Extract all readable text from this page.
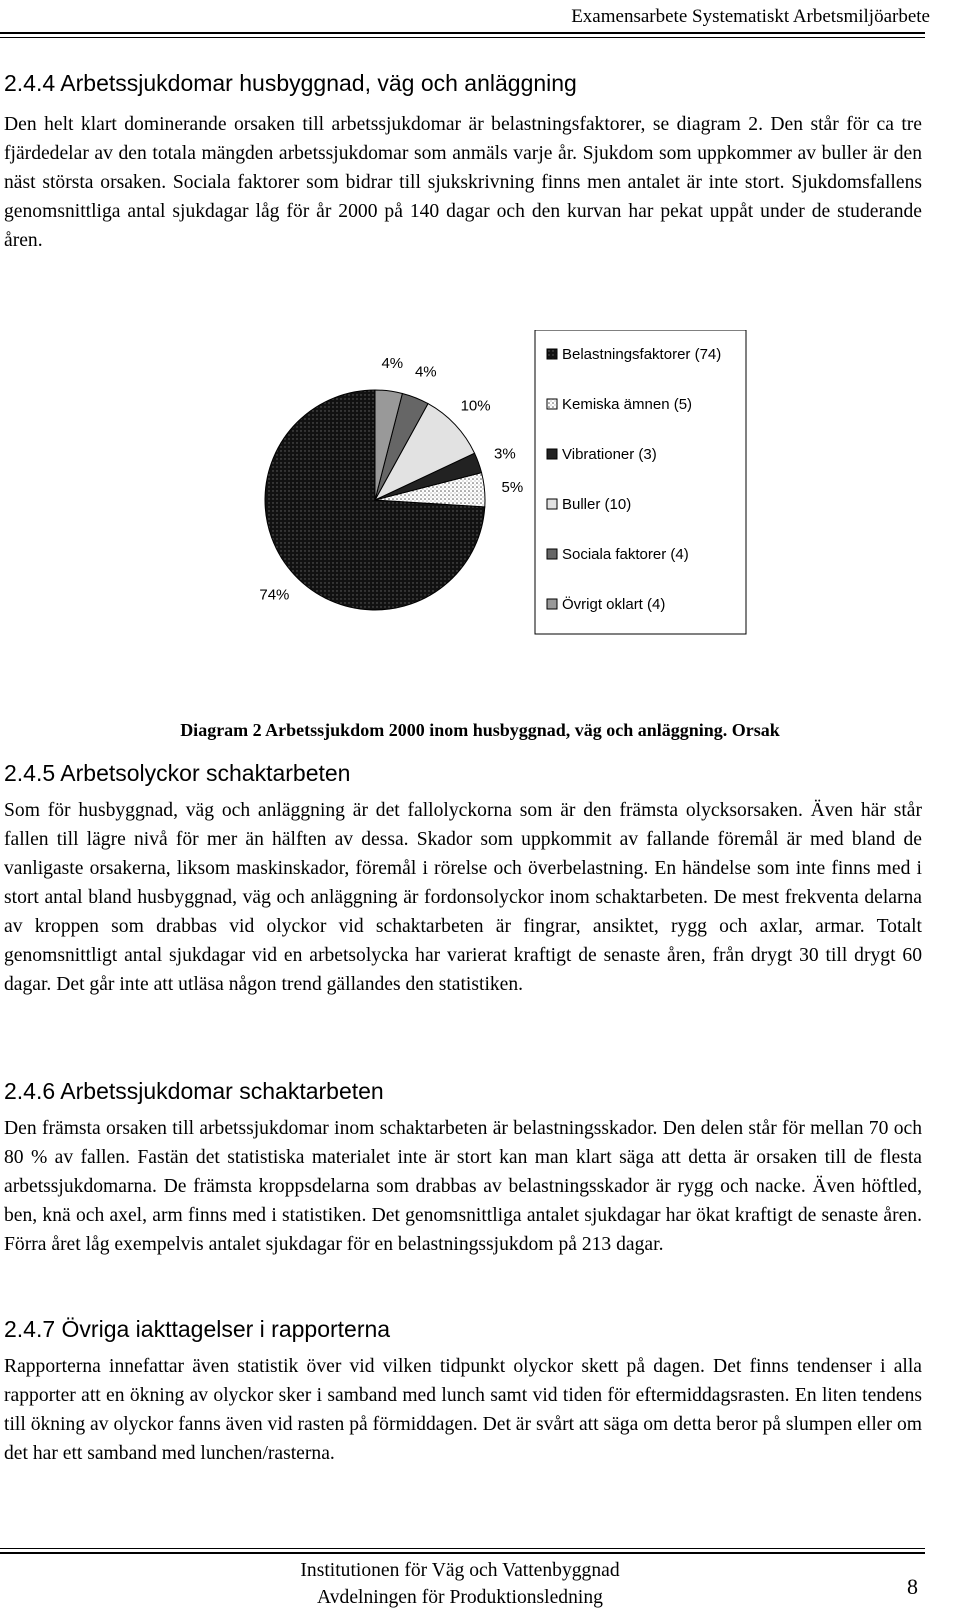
Examensarbete Systematiskt Arbetsmiljöarbete
2.4.4 Arbetssjukdomar husbyggnad, väg och anläggning

Den helt klart dominerande orsaken till arbetssjukdomar är belastningsfaktorer, se diagram 2. Den står för ca tre fjärdedelar av den totala mängden arbetssjukdomar som anmäls varje år. Sjukdom som uppkommer av buller är den näst största orsaken. Sociala faktorer som bidrar till sjukskrivning finns men antalet är inte stort. Sjukdomsfallens genomsnittliga antal sjukdagar låg för år 2000 på 140 dagar och den kurvan har pekat uppåt under de studerande åren.

74%
5%
3%
10%
4%
4%
Belastningsfaktorer (74)
Kemiska ämnen (5)
Vibrationer (3)
Buller (10)
Sociala faktorer (4)
Övrigt oklart (4)
Diagram 2 Arbetssjukdom 2000 inom husbyggnad, väg och anläggning. Orsak
2.4.5 Arbetsolyckor schaktarbeten

Som för husbyggnad, väg och anläggning är det fallolyckorna som är den främsta olycksorsaken. Även här står fallen till lägre nivå för mer än hälften av dessa. Skador som uppkommit av fallande föremål är med bland de vanligaste orsakerna, liksom maskinskador, föremål i rörelse och överbelastning. En händelse som inte finns med i stort antal bland husbyggnad, väg och anläggning är fordonsolyckor inom schaktarbeten. De mest frekventa delarna av kroppen som drabbas vid olyckor vid schaktarbeten är fingrar, ansiktet, rygg och axlar, armar. Totalt genomsnittligt antal sjukdagar vid en arbetsolycka har varierat kraftigt de senaste åren, från drygt 30 till drygt 60 dagar. Det går inte att utläsa någon trend gällandes den statistiken.

2.4.6 Arbetssjukdomar schaktarbeten

Den främsta orsaken till arbetssjukdomar inom schaktarbeten är belastningsskador. Den delen står för mellan 70 och 80 % av fallen. Fastän det statistiska materialet inte är stort kan man klart säga att detta är orsaken till de flesta arbetssjukdomarna. De främsta kroppsdelarna som drabbas av belastningsskador är rygg och nacke. Även höftled, ben, knä och axel, arm finns med i statistiken. Det genomsnittliga antalet sjukdagar har ökat kraftigt de senaste åren. Förra året låg exempelvis antalet sjukdagar för en belastningssjukdom på 213 dagar.

2.4.7 Övriga iakttagelser i rapporterna

Rapporterna innefattar även statistik över vid vilken tidpunkt olyckor skett på dagen. Det finns tendenser i alla rapporter att en ökning av olyckor sker i samband med lunch samt vid tiden för eftermiddagsrasten. En liten tendens till ökning av olyckor fanns även vid rasten på förmiddagen. Det är svårt att säga om detta beror på slumpen eller om det har ett samband med lunchen/rasterna.

Institutionen för Väg och Vattenbyggnad
Avdelningen för Produktionsledning	8
